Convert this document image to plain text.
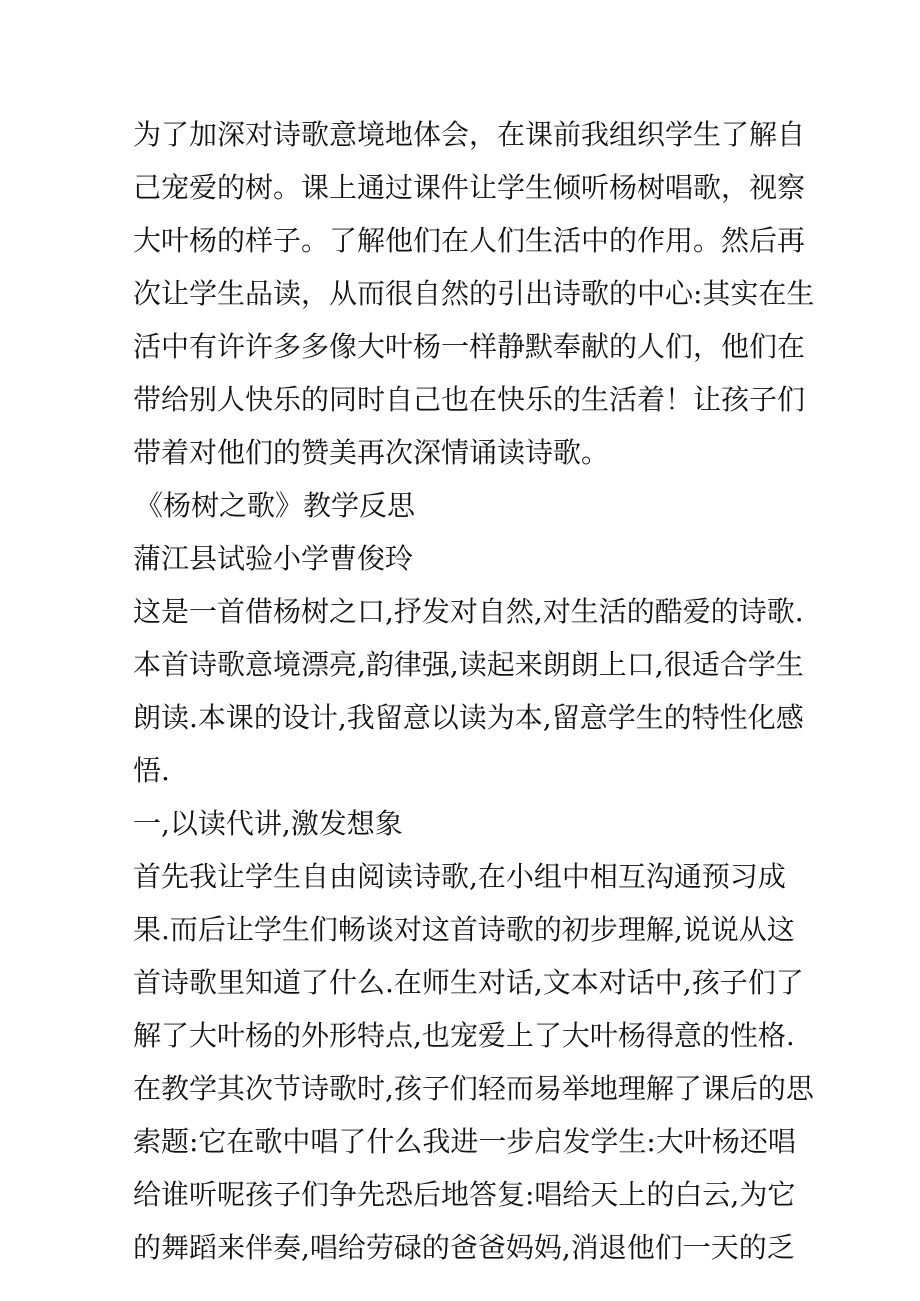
为了加深对诗歌意境地体会，在课前我组织学生了解自
己宠爱的树。课上通过课件让学生倾听杨树唱歌，视察
大叶杨的样子。了解他们在人们生活中的作用。然后再
次让学生品读，从而很自然的引出诗歌的中心:其实在生
活中有许许多多像大叶杨一样静默奉献的人们，他们在
带给别人快乐的同时自己也在快乐的生活着！让孩子们
带着对他们的赞美再次深情诵读诗歌。
《杨树之歌》教学反思
蒲江县试验小学曹俊玲
这是一首借杨树之口,抒发对自然,对生活的酷爱的诗歌.
本首诗歌意境漂亮,韵律强,读起来朗朗上口,很适合学生
朗读.本课的设计,我留意以读为本,留意学生的特性化感
悟.
一,以读代讲,激发想象
首先我让学生自由阅读诗歌,在小组中相互沟通预习成
果.而后让学生们畅谈对这首诗歌的初步理解,说说从这
首诗歌里知道了什么.在师生对话,文本对话中,孩子们了
解了大叶杨的外形特点,也宠爱上了大叶杨得意的性格.
在教学其次节诗歌时,孩子们轻而易举地理解了课后的思
索题:它在歌中唱了什么我进一步启发学生:大叶杨还唱
给谁听呢孩子们争先恐后地答复:唱给天上的白云,为它
的舞蹈来伴奏,唱给劳碌的爸爸妈妈,消退他们一天的乏
